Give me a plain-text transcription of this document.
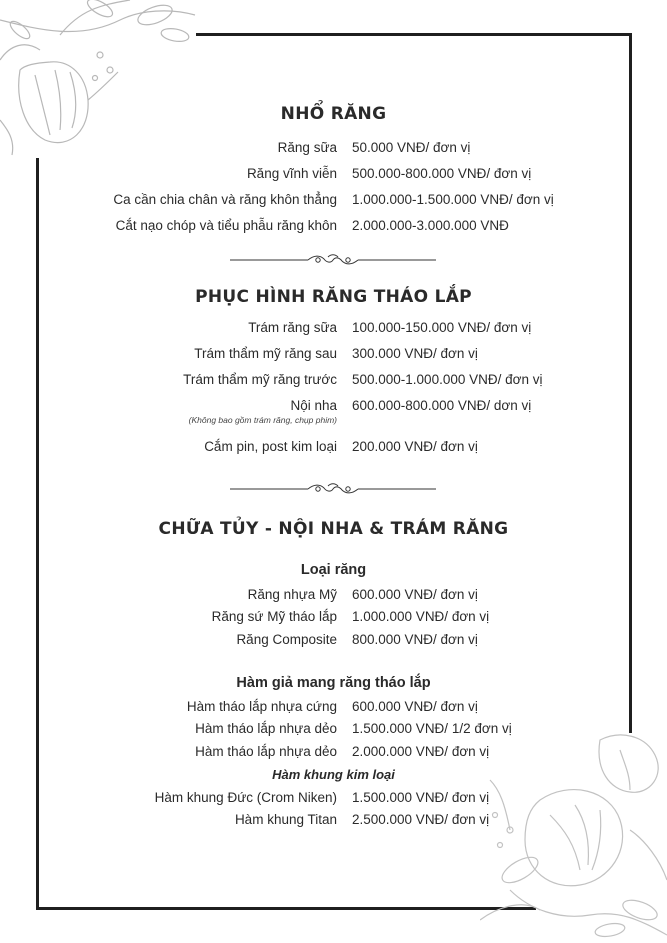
NHỔ RĂNG
Răng sữa 50.000 VNĐ/ đơn vị
Răng vĩnh viễn 500.000-800.000 VNĐ/ đơn vị
Ca cần chia chân và răng khôn thẳng 1.000.000-1.500.000 VNĐ/ đơn vị
Cắt nạo chóp và tiểu phẫu răng khôn 2.000.000-3.000.000 VNĐ
PHỤC HÌNH RĂNG THÁO LẮP
Trám răng sữa 100.000-150.000 VNĐ/ đơn vị
Trám thẩm mỹ răng sau 300.000 VNĐ/ đơn vị
Trám thẩm mỹ răng trước 500.000-1.000.000 VNĐ/ đơn vị
Nội nha 600.000-800.000 VNĐ/ dơn vị
(Không bao gồm trám răng, chụp phim)
Cắm pin, post kim loại 200.000 VNĐ/ đơn vị
CHỮA TỦY - NỘI NHA & TRÁM RĂNG
Loại răng
Răng nhựa Mỹ 600.000 VNĐ/ đơn vị
Răng sứ Mỹ tháo lắp 1.000.000 VNĐ/ đơn vị
Răng Composite 800.000 VNĐ/ đơn vị
Hàm giả mang răng tháo lắp
Hàm tháo lắp nhựa cứng 600.000 VNĐ/ đơn vị
Hàm tháo lắp nhựa dẻo 1.500.000 VNĐ/ 1/2 đơn vị
Hàm tháo lắp nhựa dẻo 2.000.000 VNĐ/ đơn vị
Hàm khung kim loại
Hàm khung Đức (Crom Niken) 1.500.000 VNĐ/ đơn vị
Hàm khung Titan 2.500.000 VNĐ/ đơn vị
